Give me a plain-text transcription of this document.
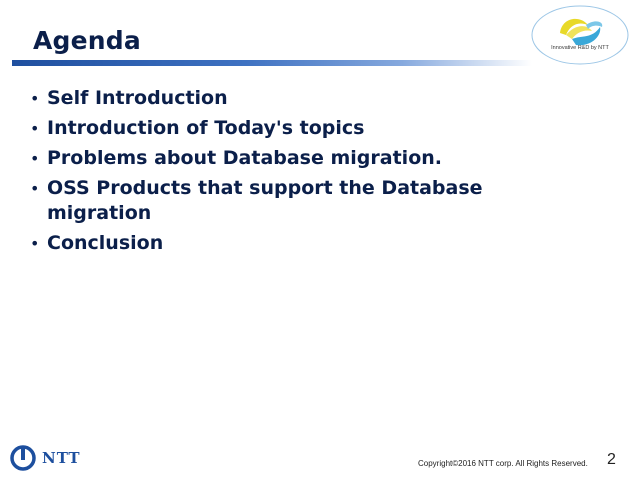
Agenda	Innovative R&D by NTT
• Self Introduction
• Introduction of Today's topics
• Problems about Database migration.
• OSS Products that support the Database migration
• Conclusion
NTT	Copyright©2016 NTT corp. All Rights Reserved. 2
